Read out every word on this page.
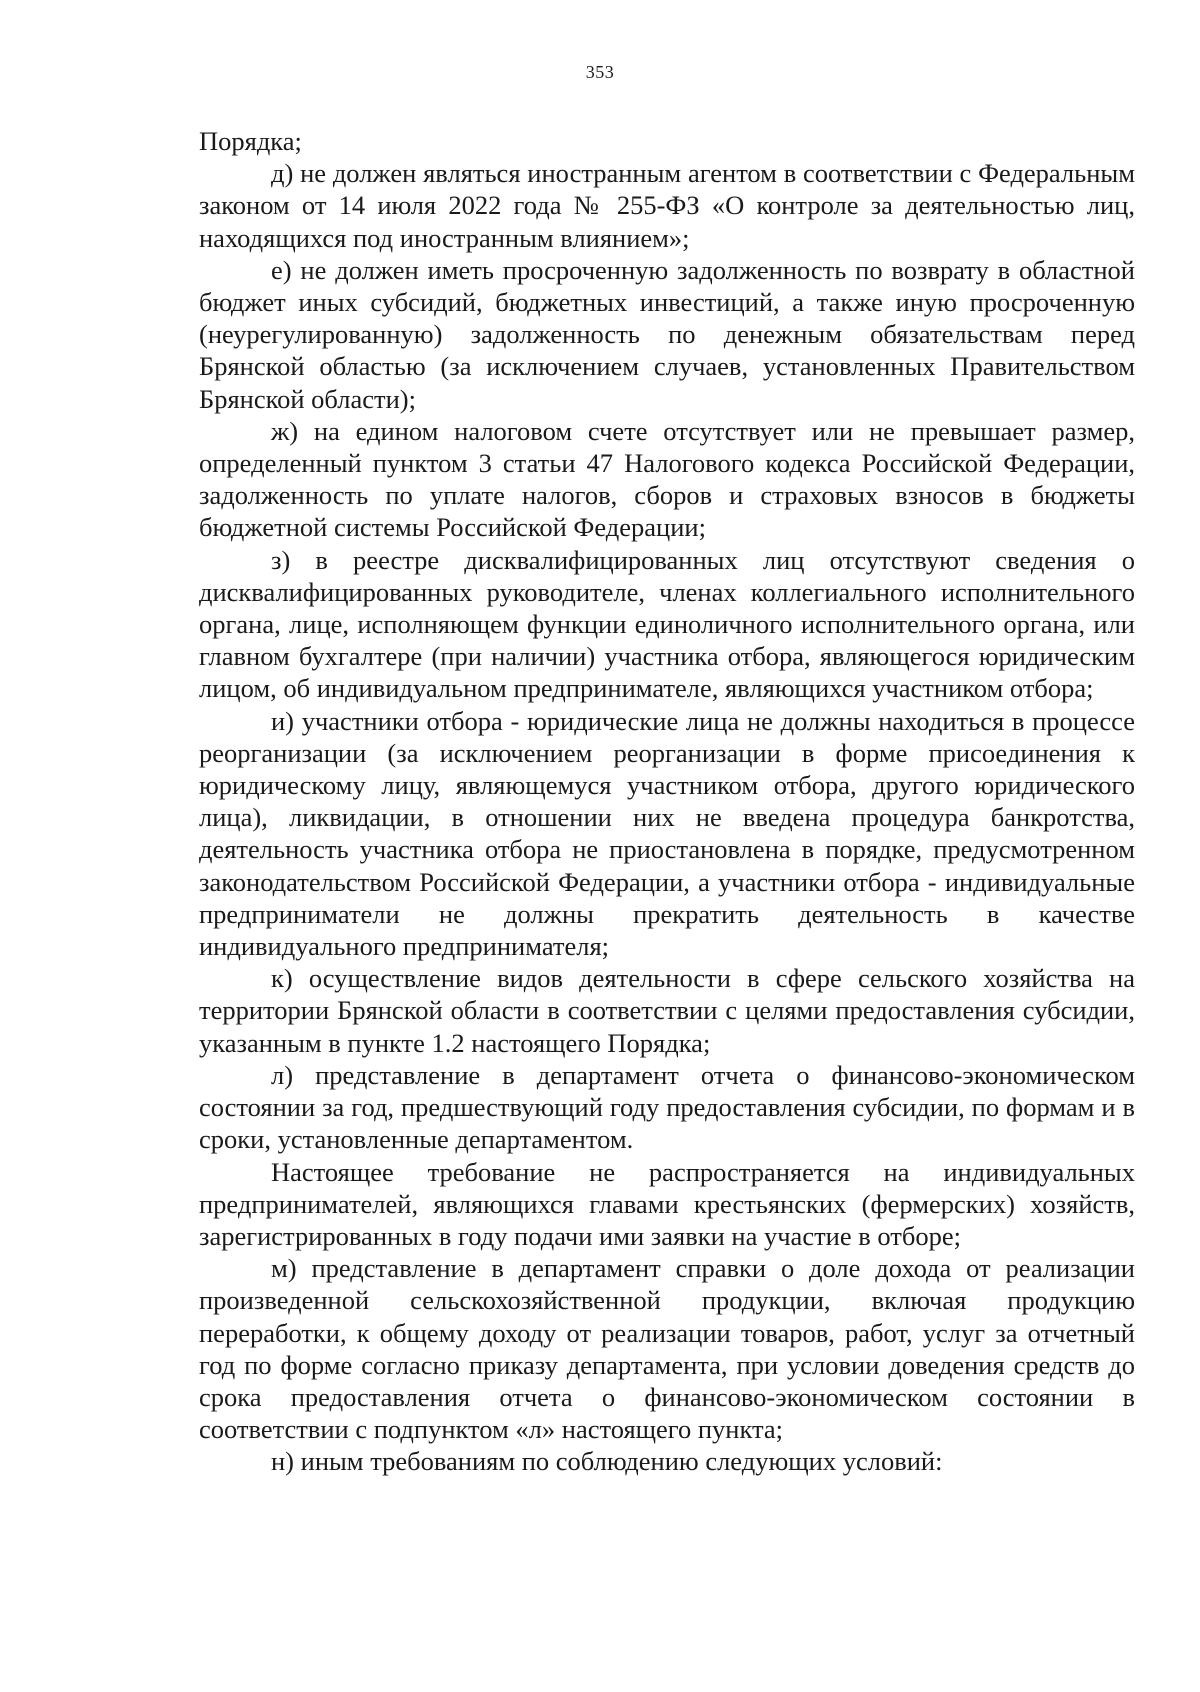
353

Порядка;

д) не должен являться иностранным агентом в соответствии с Федеральным законом от 14 июля 2022 года № 255-ФЗ «О контроле за деятельностью лиц, находящихся под иностранным влиянием»;

е) не должен иметь просроченную задолженность по возврату в областной бюджет иных субсидий, бюджетных инвестиций, а также иную просроченную (неурегулированную) задолженность по денежным обязательствам перед Брянской областью (за исключением случаев, установленных Правительством Брянской области);

ж) на едином налоговом счете отсутствует или не превышает размер, определенный пунктом 3 статьи 47 Налогового кодекса Российской Федерации, задолженность по уплате налогов, сборов и страховых взносов в бюджеты бюджетной системы Российской Федерации;

з) в реестре дисквалифицированных лиц отсутствуют сведения о дисквалифицированных руководителе, членах коллегиального исполнительного органа, лице, исполняющем функции единоличного исполнительного органа, или главном бухгалтере (при наличии) участника отбора, являющегося юридическим лицом, об индивидуальном предпринимателе, являющихся участником отбора;

и) участники отбора - юридические лица не должны находиться в процессе реорганизации (за исключением реорганизации в форме присоединения к юридическому лицу, являющемуся участником отбора, другого юридического лица), ликвидации, в отношении них не введена процедура банкротства, деятельность участника отбора не приостановлена в порядке, предусмотренном законодательством Российской Федерации, а участники отбора - индивидуальные предприниматели не должны прекратить деятельность в качестве индивидуального предпринимателя;

к) осуществление видов деятельности в сфере сельского хозяйства на территории Брянской области в соответствии с целями предоставления субсидии, указанным в пункте 1.2 настоящего Порядка;

л) представление в департамент отчета о финансово-экономическом состоянии за год, предшествующий году предоставления субсидии, по формам и в сроки, установленные департаментом.

Настоящее требование не распространяется на индивидуальных предпринимателей, являющихся главами крестьянских (фермерских) хозяйств, зарегистрированных в году подачи ими заявки на участие в отборе;

м) представление в департамент справки о доле дохода от реализации произведенной сельскохозяйственной продукции, включая продукцию переработки, к общему доходу от реализации товаров, работ, услуг за отчетный год по форме согласно приказу департамента, при условии доведения средств до срока предоставления отчета о финансово-экономическом состоянии в соответствии с подпунктом «л» настоящего пункта;

н) иным требованиям по соблюдению следующих условий:
